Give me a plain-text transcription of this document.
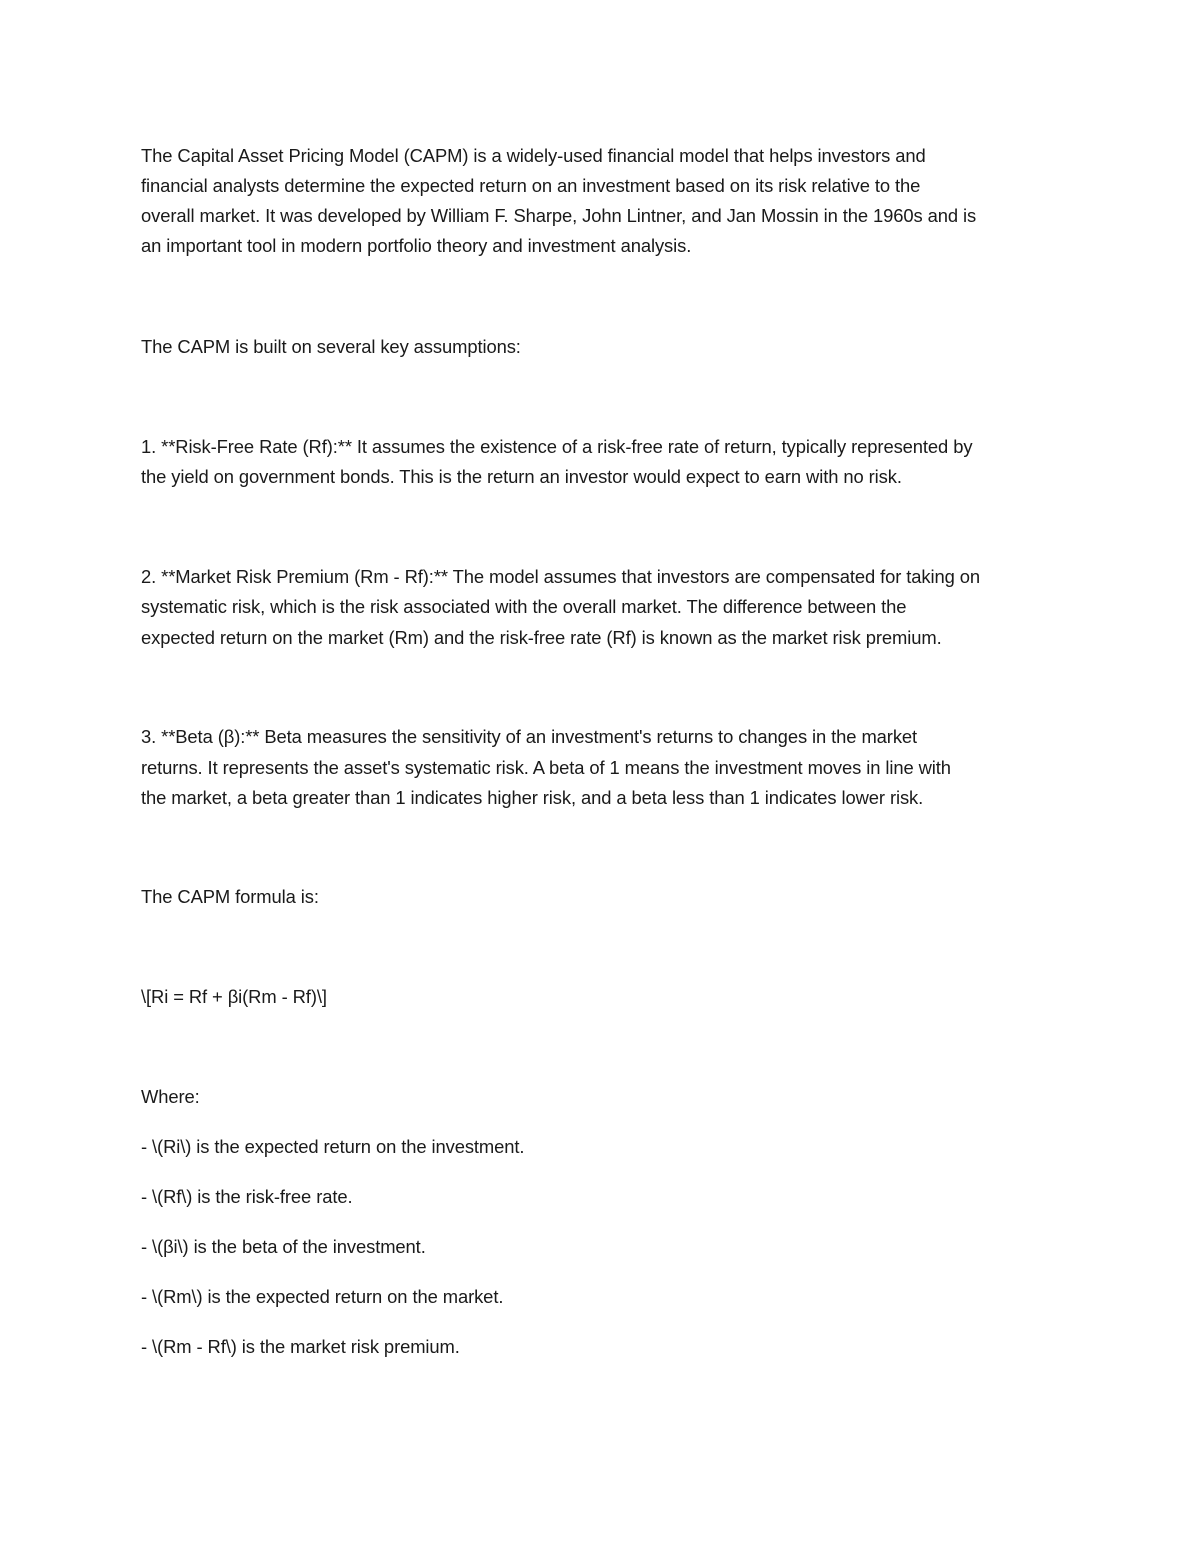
The Capital Asset Pricing Model (CAPM) is a widely-used financial model that helps investors and
financial analysts determine the expected return on an investment based on its risk relative to the
overall market. It was developed by William F. Sharpe, John Lintner, and Jan Mossin in the 1960s and is
an important tool in modern portfolio theory and investment analysis.
The CAPM is built on several key assumptions:
1. **Risk-Free Rate (Rf):** It assumes the existence of a risk-free rate of return, typically represented by
the yield on government bonds. This is the return an investor would expect to earn with no risk.
2. **Market Risk Premium (Rm - Rf):** The model assumes that investors are compensated for taking on
systematic risk, which is the risk associated with the overall market. The difference between the
expected return on the market (Rm) and the risk-free rate (Rf) is known as the market risk premium.
3. **Beta (β):** Beta measures the sensitivity of an investment's returns to changes in the market
returns. It represents the asset's systematic risk. A beta of 1 means the investment moves in line with
the market, a beta greater than 1 indicates higher risk, and a beta less than 1 indicates lower risk.
The CAPM formula is:
\[Ri = Rf + βi(Rm - Rf)\]
Where:
- \(Ri\) is the expected return on the investment.
- \(Rf\) is the risk-free rate.
- \(βi\) is the beta of the investment.
- \(Rm\) is the expected return on the market.
- \(Rm - Rf\) is the market risk premium.
